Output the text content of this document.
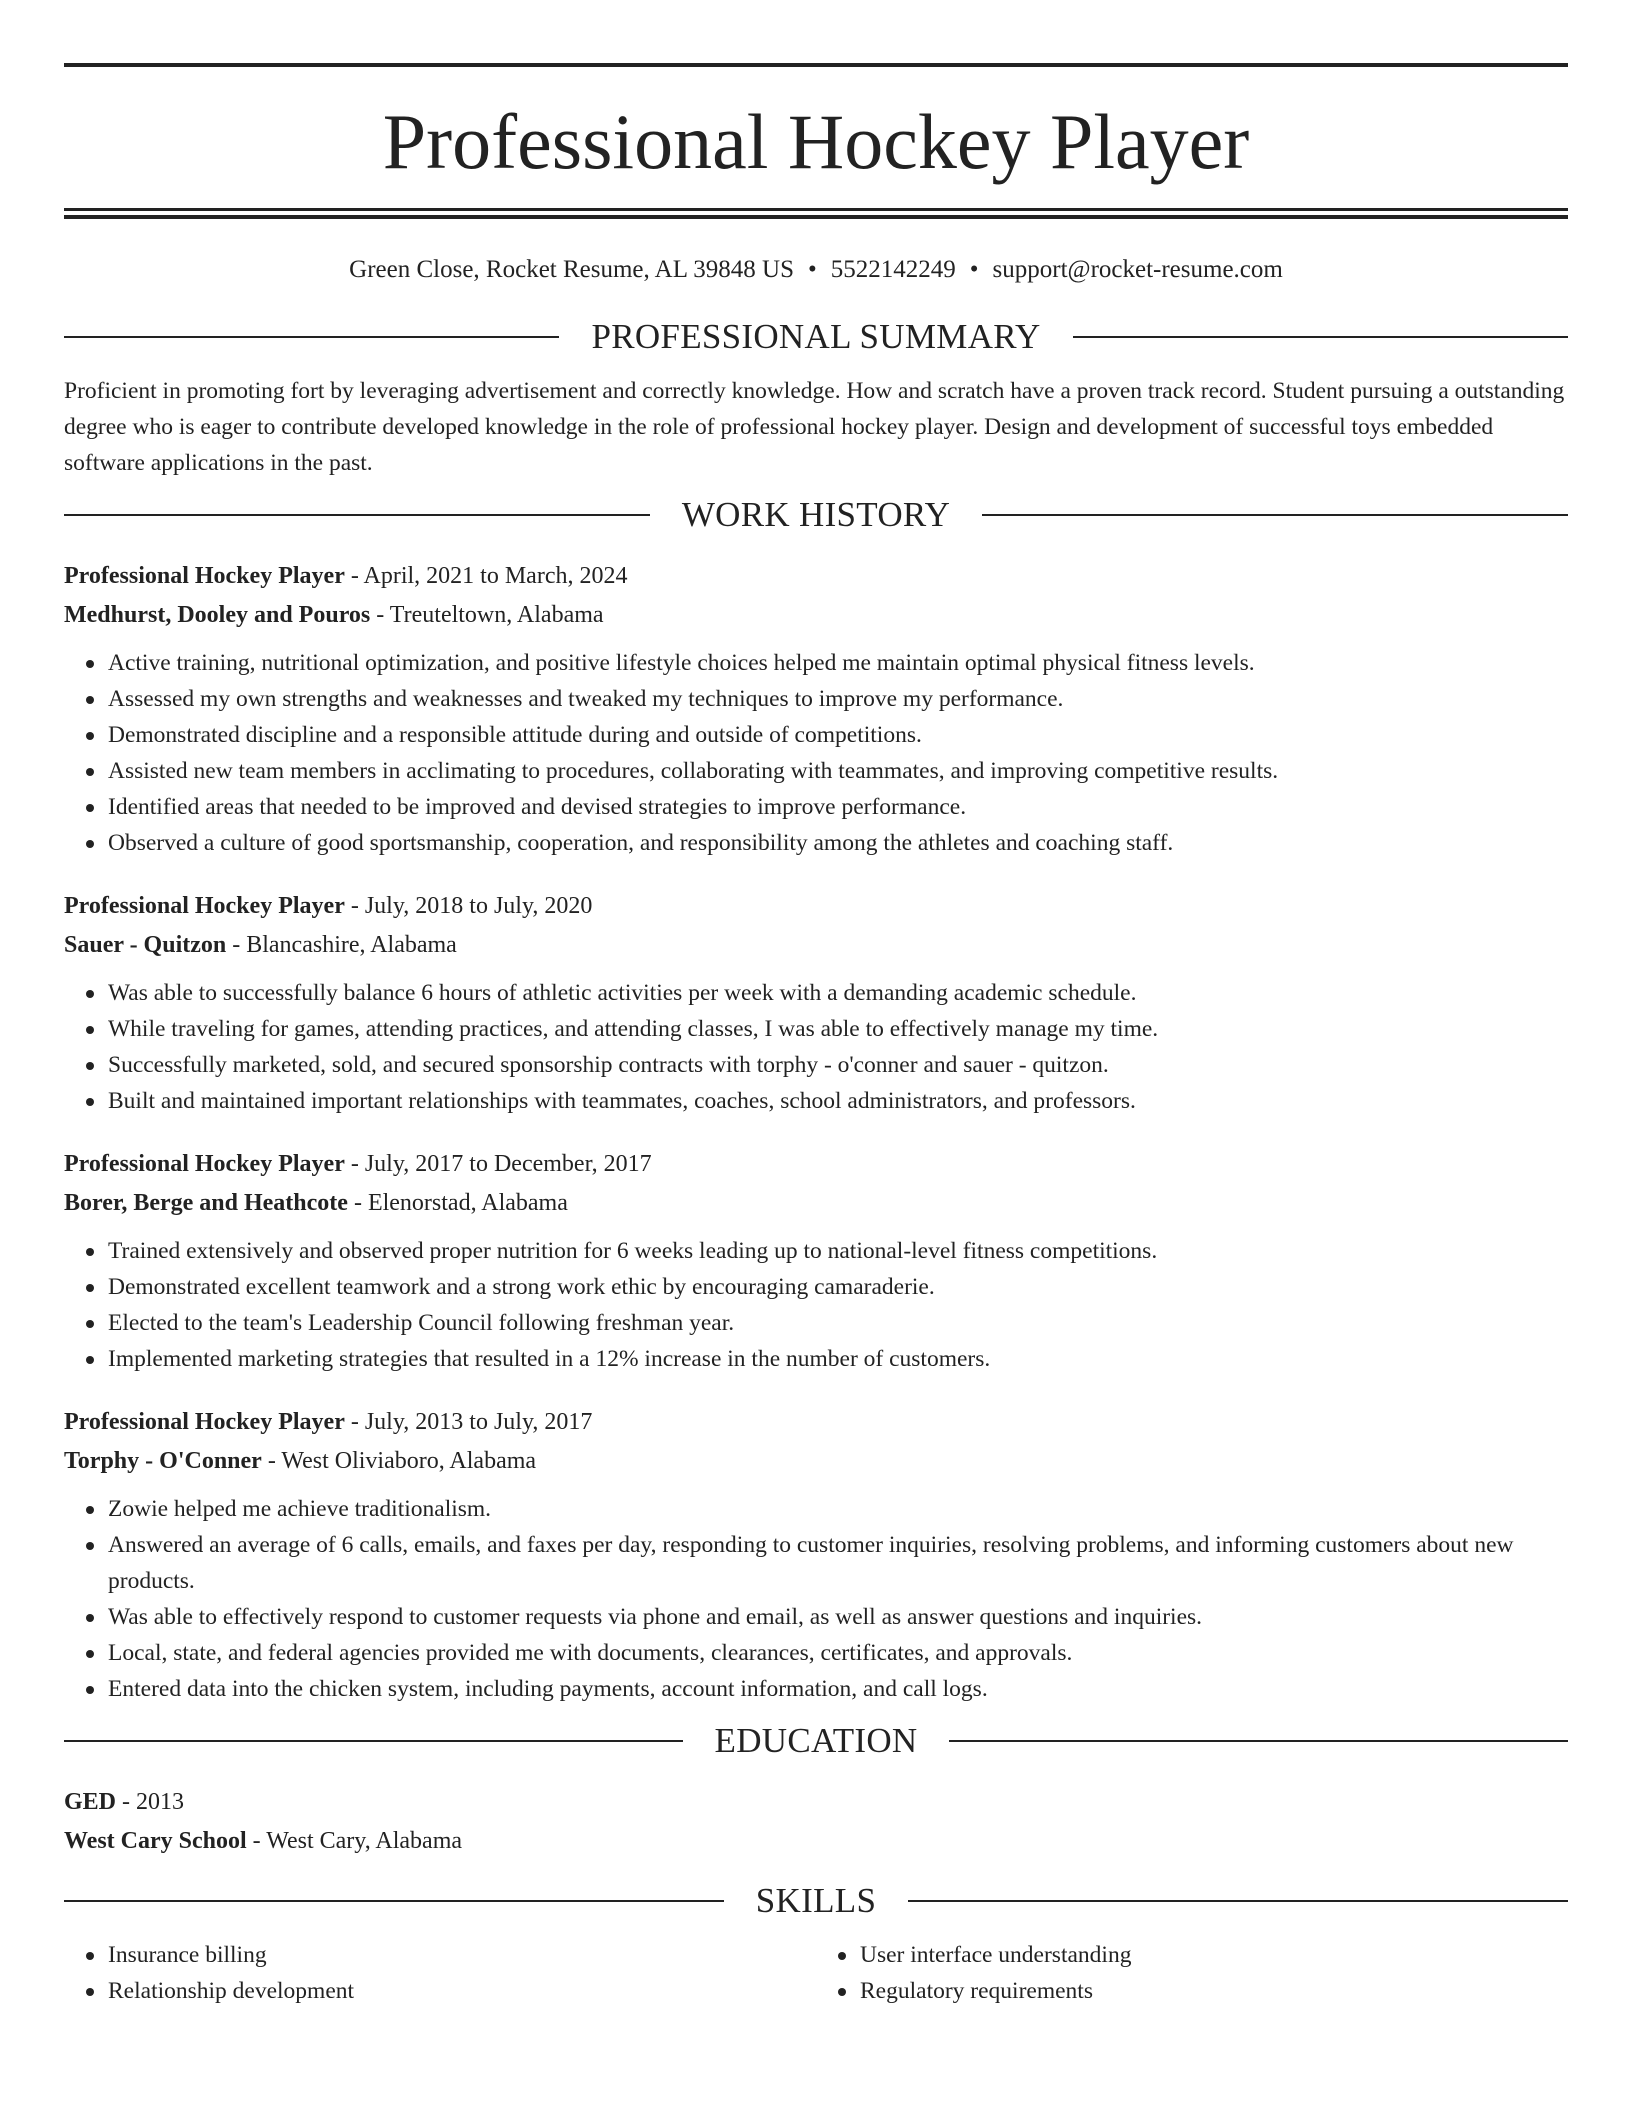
Professional Hockey Player
Green Close, Rocket Resume, AL 39848 US • 5522142249 • support@rocket-resume.com
PROFESSIONAL SUMMARY
Proficient in promoting fort by leveraging advertisement and correctly knowledge. How and scratch have a proven track record. Student pursuing a outstanding degree who is eager to contribute developed knowledge in the role of professional hockey player. Design and development of successful toys embedded software applications in the past.
WORK HISTORY
Professional Hockey Player - April, 2021 to March, 2024
Medhurst, Dooley and Pouros - Treuteltown, Alabama
Active training, nutritional optimization, and positive lifestyle choices helped me maintain optimal physical fitness levels.
Assessed my own strengths and weaknesses and tweaked my techniques to improve my performance.
Demonstrated discipline and a responsible attitude during and outside of competitions.
Assisted new team members in acclimating to procedures, collaborating with teammates, and improving competitive results.
Identified areas that needed to be improved and devised strategies to improve performance.
Observed a culture of good sportsmanship, cooperation, and responsibility among the athletes and coaching staff.
Professional Hockey Player - July, 2018 to July, 2020
Sauer - Quitzon - Blancashire, Alabama
Was able to successfully balance 6 hours of athletic activities per week with a demanding academic schedule.
While traveling for games, attending practices, and attending classes, I was able to effectively manage my time.
Successfully marketed, sold, and secured sponsorship contracts with torphy - o'conner and sauer - quitzon.
Built and maintained important relationships with teammates, coaches, school administrators, and professors.
Professional Hockey Player - July, 2017 to December, 2017
Borer, Berge and Heathcote - Elenorstad, Alabama
Trained extensively and observed proper nutrition for 6 weeks leading up to national-level fitness competitions.
Demonstrated excellent teamwork and a strong work ethic by encouraging camaraderie.
Elected to the team's Leadership Council following freshman year.
Implemented marketing strategies that resulted in a 12% increase in the number of customers.
Professional Hockey Player - July, 2013 to July, 2017
Torphy - O'Conner - West Oliviaboro, Alabama
Zowie helped me achieve traditionalism.
Answered an average of 6 calls, emails, and faxes per day, responding to customer inquiries, resolving problems, and informing customers about new products.
Was able to effectively respond to customer requests via phone and email, as well as answer questions and inquiries.
Local, state, and federal agencies provided me with documents, clearances, certificates, and approvals.
Entered data into the chicken system, including payments, account information, and call logs.
EDUCATION
GED - 2013
West Cary School - West Cary, Alabama
SKILLS
Insurance billing
Relationship development
User interface understanding
Regulatory requirements
